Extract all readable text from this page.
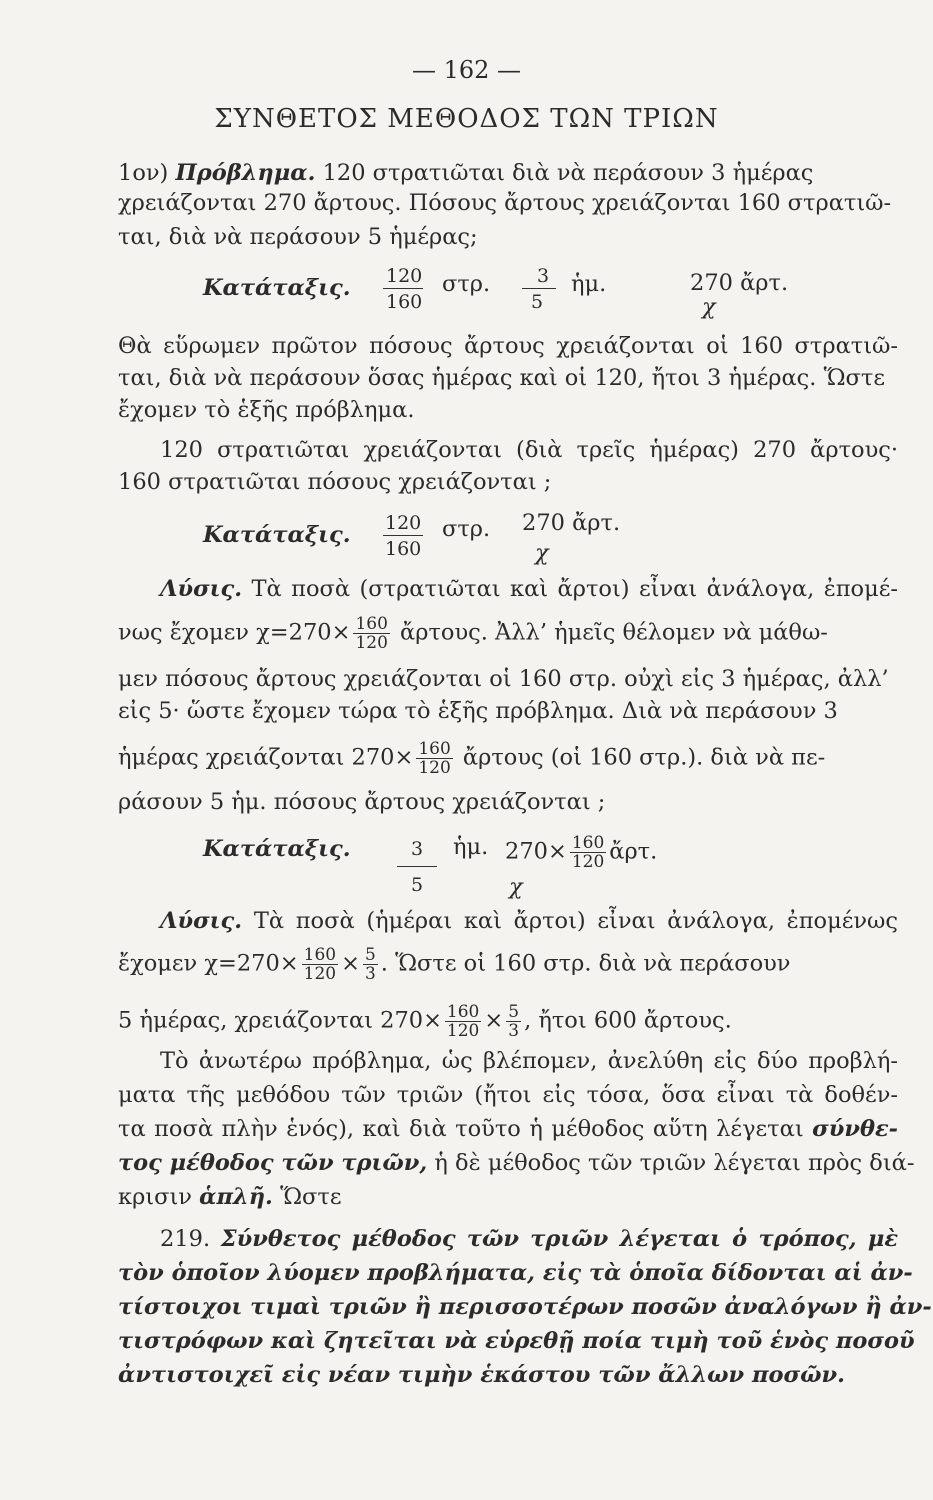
— 162 —
ΣΥΝΘΕΤΟΣ ΜΕΘΟΔΟΣ ΤΩΝ ΤΡΙΩΝ
1ον) Πρόβλημα. 120 στρατιῶται διὰ νὰ περάσουν 3 ἡμέρας
χρειάζονται 270 ἄρτους. Πόσους ἄρτους χρειάζονται 160 στρατιῶ-
ται, διὰ νὰ περάσουν 5 ἡμέρας;
Κατάταξις. 120
160
στρ. 3
5
ἡμ.	270 ἄρτ.
χ
Θὰ εὕρωμεν πρῶτον πόσους ἄρτους χρειάζονται οἱ 160 στρατιῶ-
ται, διὰ νὰ περάσουν ὅσας ἡμέρας καὶ οἱ 120, ἤτοι 3 ἡμέρας. Ὥστε
ἔχομεν τὸ ἑξῆς πρόβλημα.
120 στρατιῶται χρειάζονται (διὰ τρεῖς ἡμέρας) 270 ἄρτους·
160 στρατιῶται πόσους χρειάζονται ;
Κατάταξις. 120
160
στρ. 270 ἄρτ.
χ
Λύσις. Τὰ ποσὰ (στρατιῶται καὶ ἄρτοι) εἶναι ἀνάλογα, ἐπομέ-
νως ἔχομεν $\chi=270\times \frac{160}{120}$ ἄρτους. Ἀλλ’ ἡμεῖς θέλομεν νὰ μάθω-
μεν πόσους ἄρτους χρειάζονται οἱ 160 στρ. οὐχὶ εἰς 3 ἡμέρας, ἀλλ’
εἰς 5· ὥστε ἔχομεν τώρα τὸ ἑξῆς πρόβλημα. Διὰ νὰ περάσουν 3
ἡμέρας χρειάζονται $270\times \frac{160}{120}$ ἄρτους (οἱ 160 στρ.). διὰ νὰ πε-
ράσουν 5 ἡμ. πόσους ἄρτους χρειάζονται ;
Κατάταξις.	3
5
ἡμ. $270\times \frac{160}{120}$ ἄρτ.
χ
Λύσις. Τὰ ποσὰ (ἡμέραι καὶ ἄρτοι) εἶναι ἀνάλογα, ἐπομένως
ἔχομεν $\chi=270\times \frac{160}{120} \times \frac{5}{3}$ . Ὥστε οἱ 160 στρ. διὰ νὰ περάσουν
5 ἡμέρας, χρειάζονται $270\times \frac{160}{120} \times \frac{5}{3}$ , ἤτοι 600 ἄρτους.
Τὸ ἀνωτέρω πρόβλημα, ὡς βλέπομεν, ἀνελύθη εἰς δύο προβλή-
ματα τῆς μεθόδου τῶν τριῶν (ἤτοι εἰς τόσα, ὅσα εἶναι τὰ δοθέν-
τα ποσὰ πλὴν ἑνός), καὶ διὰ τοῦτο ἡ μέθοδος αὕτη λέγεται σύνθε-
τος μέθοδος τῶν τριῶν, ἡ δὲ μέθοδος τῶν τριῶν λέγεται πρὸς διά-
κρισιν ἁπλῆ. Ὥστε
219. Σύνθετος μέθοδος τῶν τριῶν λέγεται ὁ τρόπος, μὲ
τὸν ὁποῖον λύομεν προβλήματα, εἰς τὰ ὁποῖα δίδονται αἱ ἀν-
τίστοιχοι τιμαὶ τριῶν ἢ περισσοτέρων ποσῶν ἀναλόγων ἢ ἀν-
τιστρόφων καὶ ζητεῖται νὰ εὑρεθῇ ποία τιμὴ τοῦ ἑνὸς ποσοῦ
ἀντιστοιχεῖ εἰς νέαν τιμὴν ἑκάστου τῶν ἄλλων ποσῶν.
